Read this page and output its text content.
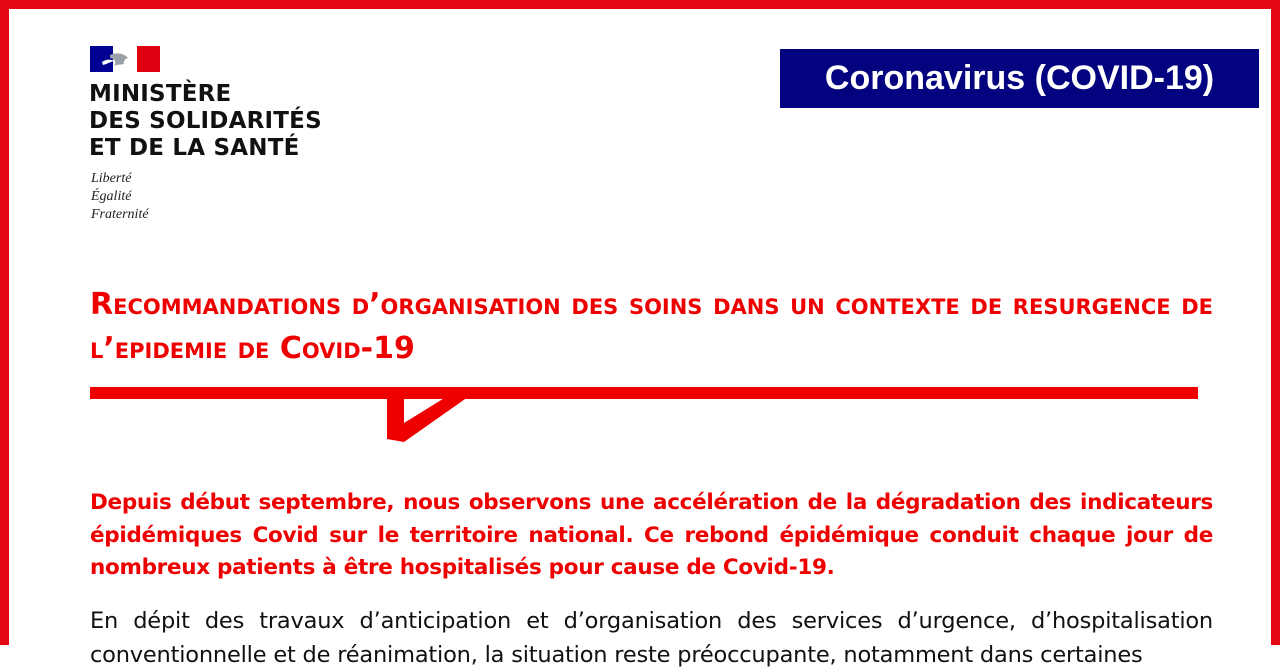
MINISTÈRE
DES SOLIDARITÉS
ET DE LA SANTÉ
Liberté
Égalité
Fraternité
Coronavirus (COVID-19)
Recommandations d’organisation des soins dans un contexte de resurgence de l’epidemie de Covid-19
Depuis début septembre, nous observons une accélération de la dégradation des indicateurs épidémiques Covid sur le territoire national. Ce rebond épidémique conduit chaque jour de nombreux patients à être hospitalisés pour cause de Covid-19.
En dépit des travaux d’anticipation et d’organisation des services d’urgence, d’hospitalisation conventionnelle et de réanimation, la situation reste préoccupante, notamment dans certaines
